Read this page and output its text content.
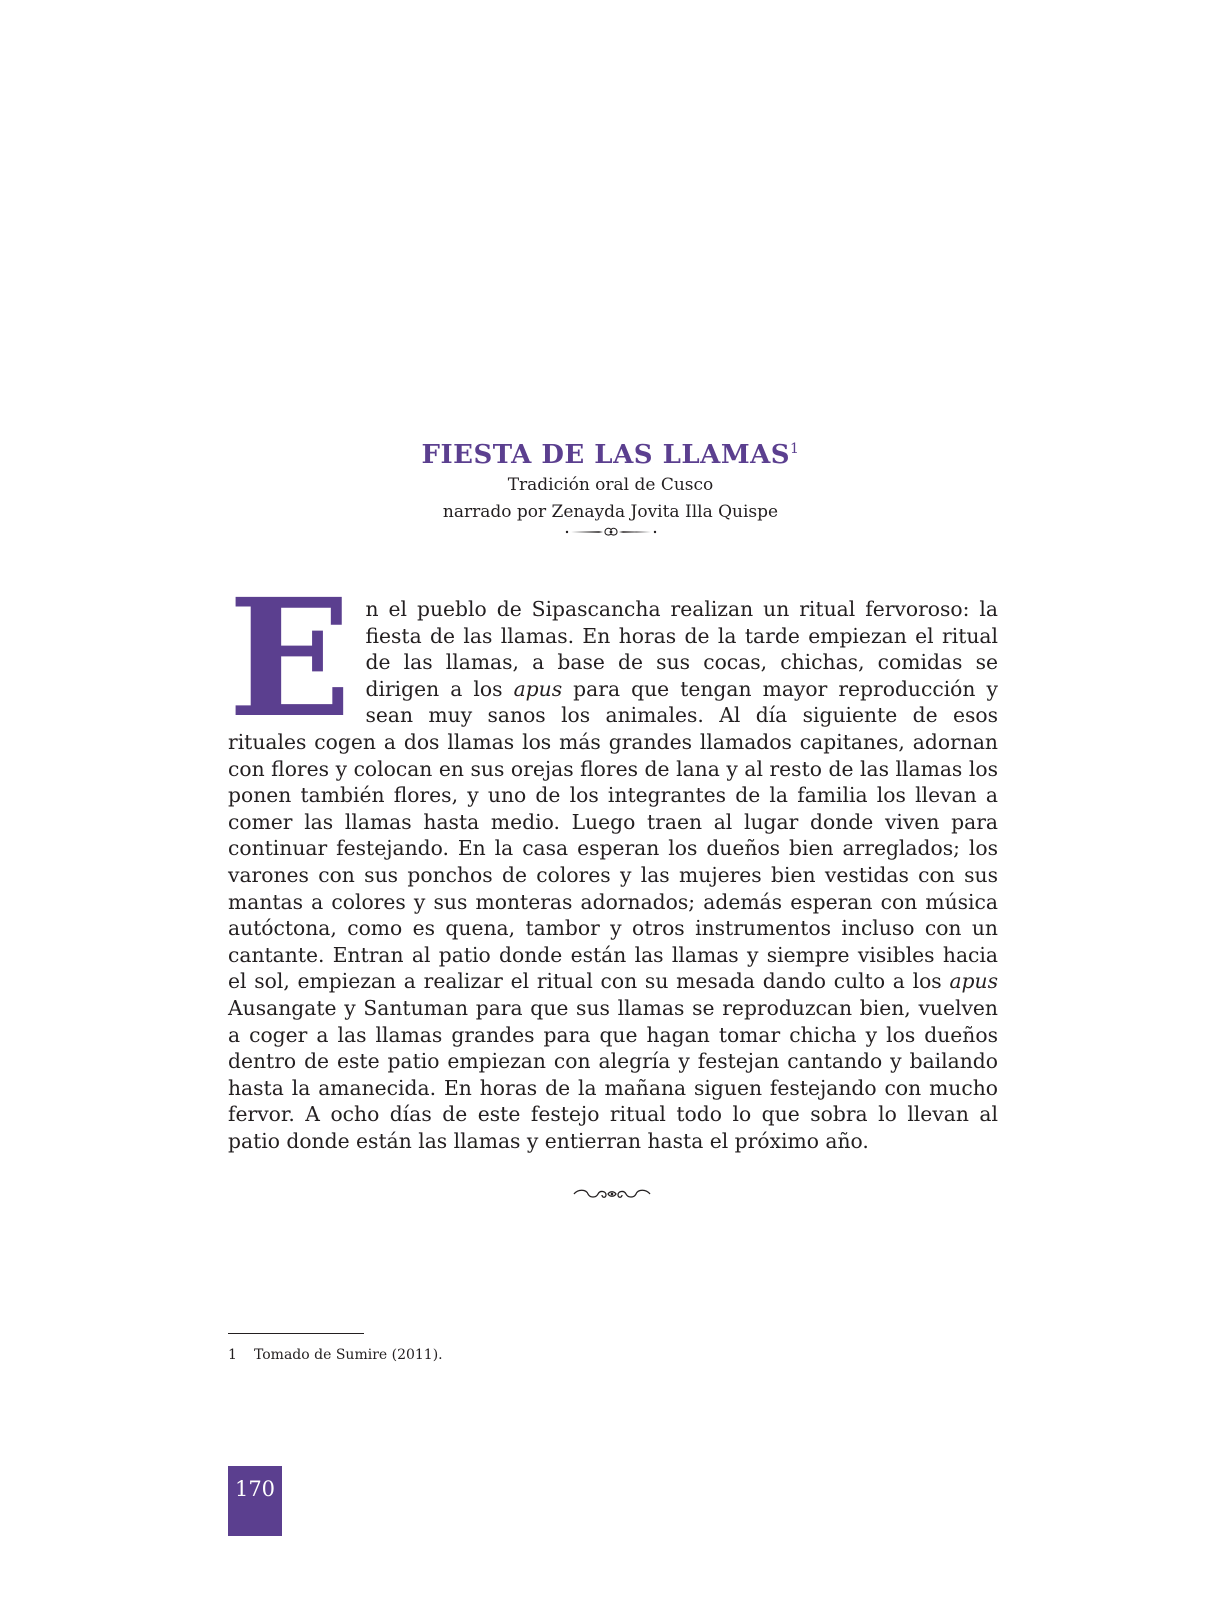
FIESTA DE LAS LLAMAS$^1$

Tradición oral de Cusco

narrado por Zenayda Jovita Illa Quispe

E n el pueblo de Sipascancha realizan un ritual fervoroso: la fiesta de las llamas. En horas de la tarde empiezan el ritual de las llamas, a base de sus cocas, chichas, comidas se dirigen a los apus para que tengan mayor reproducción y sean muy sanos los animales. Al día siguiente de esos rituales cogen a dos llamas los más grandes llamados capitanes, adornan con flores y colocan en sus orejas flores de lana y al resto de las llamas los ponen también flores, y uno de los integrantes de la familia los llevan a comer las llamas hasta medio. Luego traen al lugar donde viven para continuar festejando. En la casa esperan los dueños bien arreglados; los varones con sus ponchos de colores y las mujeres bien vestidas con sus mantas a colores y sus monteras adornados; además esperan con música autóctona, como es quena, tambor y otros instrumentos incluso con un cantante. Entran al patio donde están las llamas y siempre visibles hacia el sol, empiezan a realizar el ritual con su mesada dando culto a los apus Ausangate y Santuman para que sus llamas se reproduzcan bien, vuelven a coger a las llamas grandes para que hagan tomar chicha y los dueños dentro de este patio empiezan con alegría y festejan cantando y bailando hasta la amanecida. En horas de la mañana siguen festejando con mucho fervor. A ocho días de este festejo ritual todo lo que sobra lo llevan al patio donde están las llamas y entierran hasta el próximo año.

1 Tomado de Sumire (2011).
170
